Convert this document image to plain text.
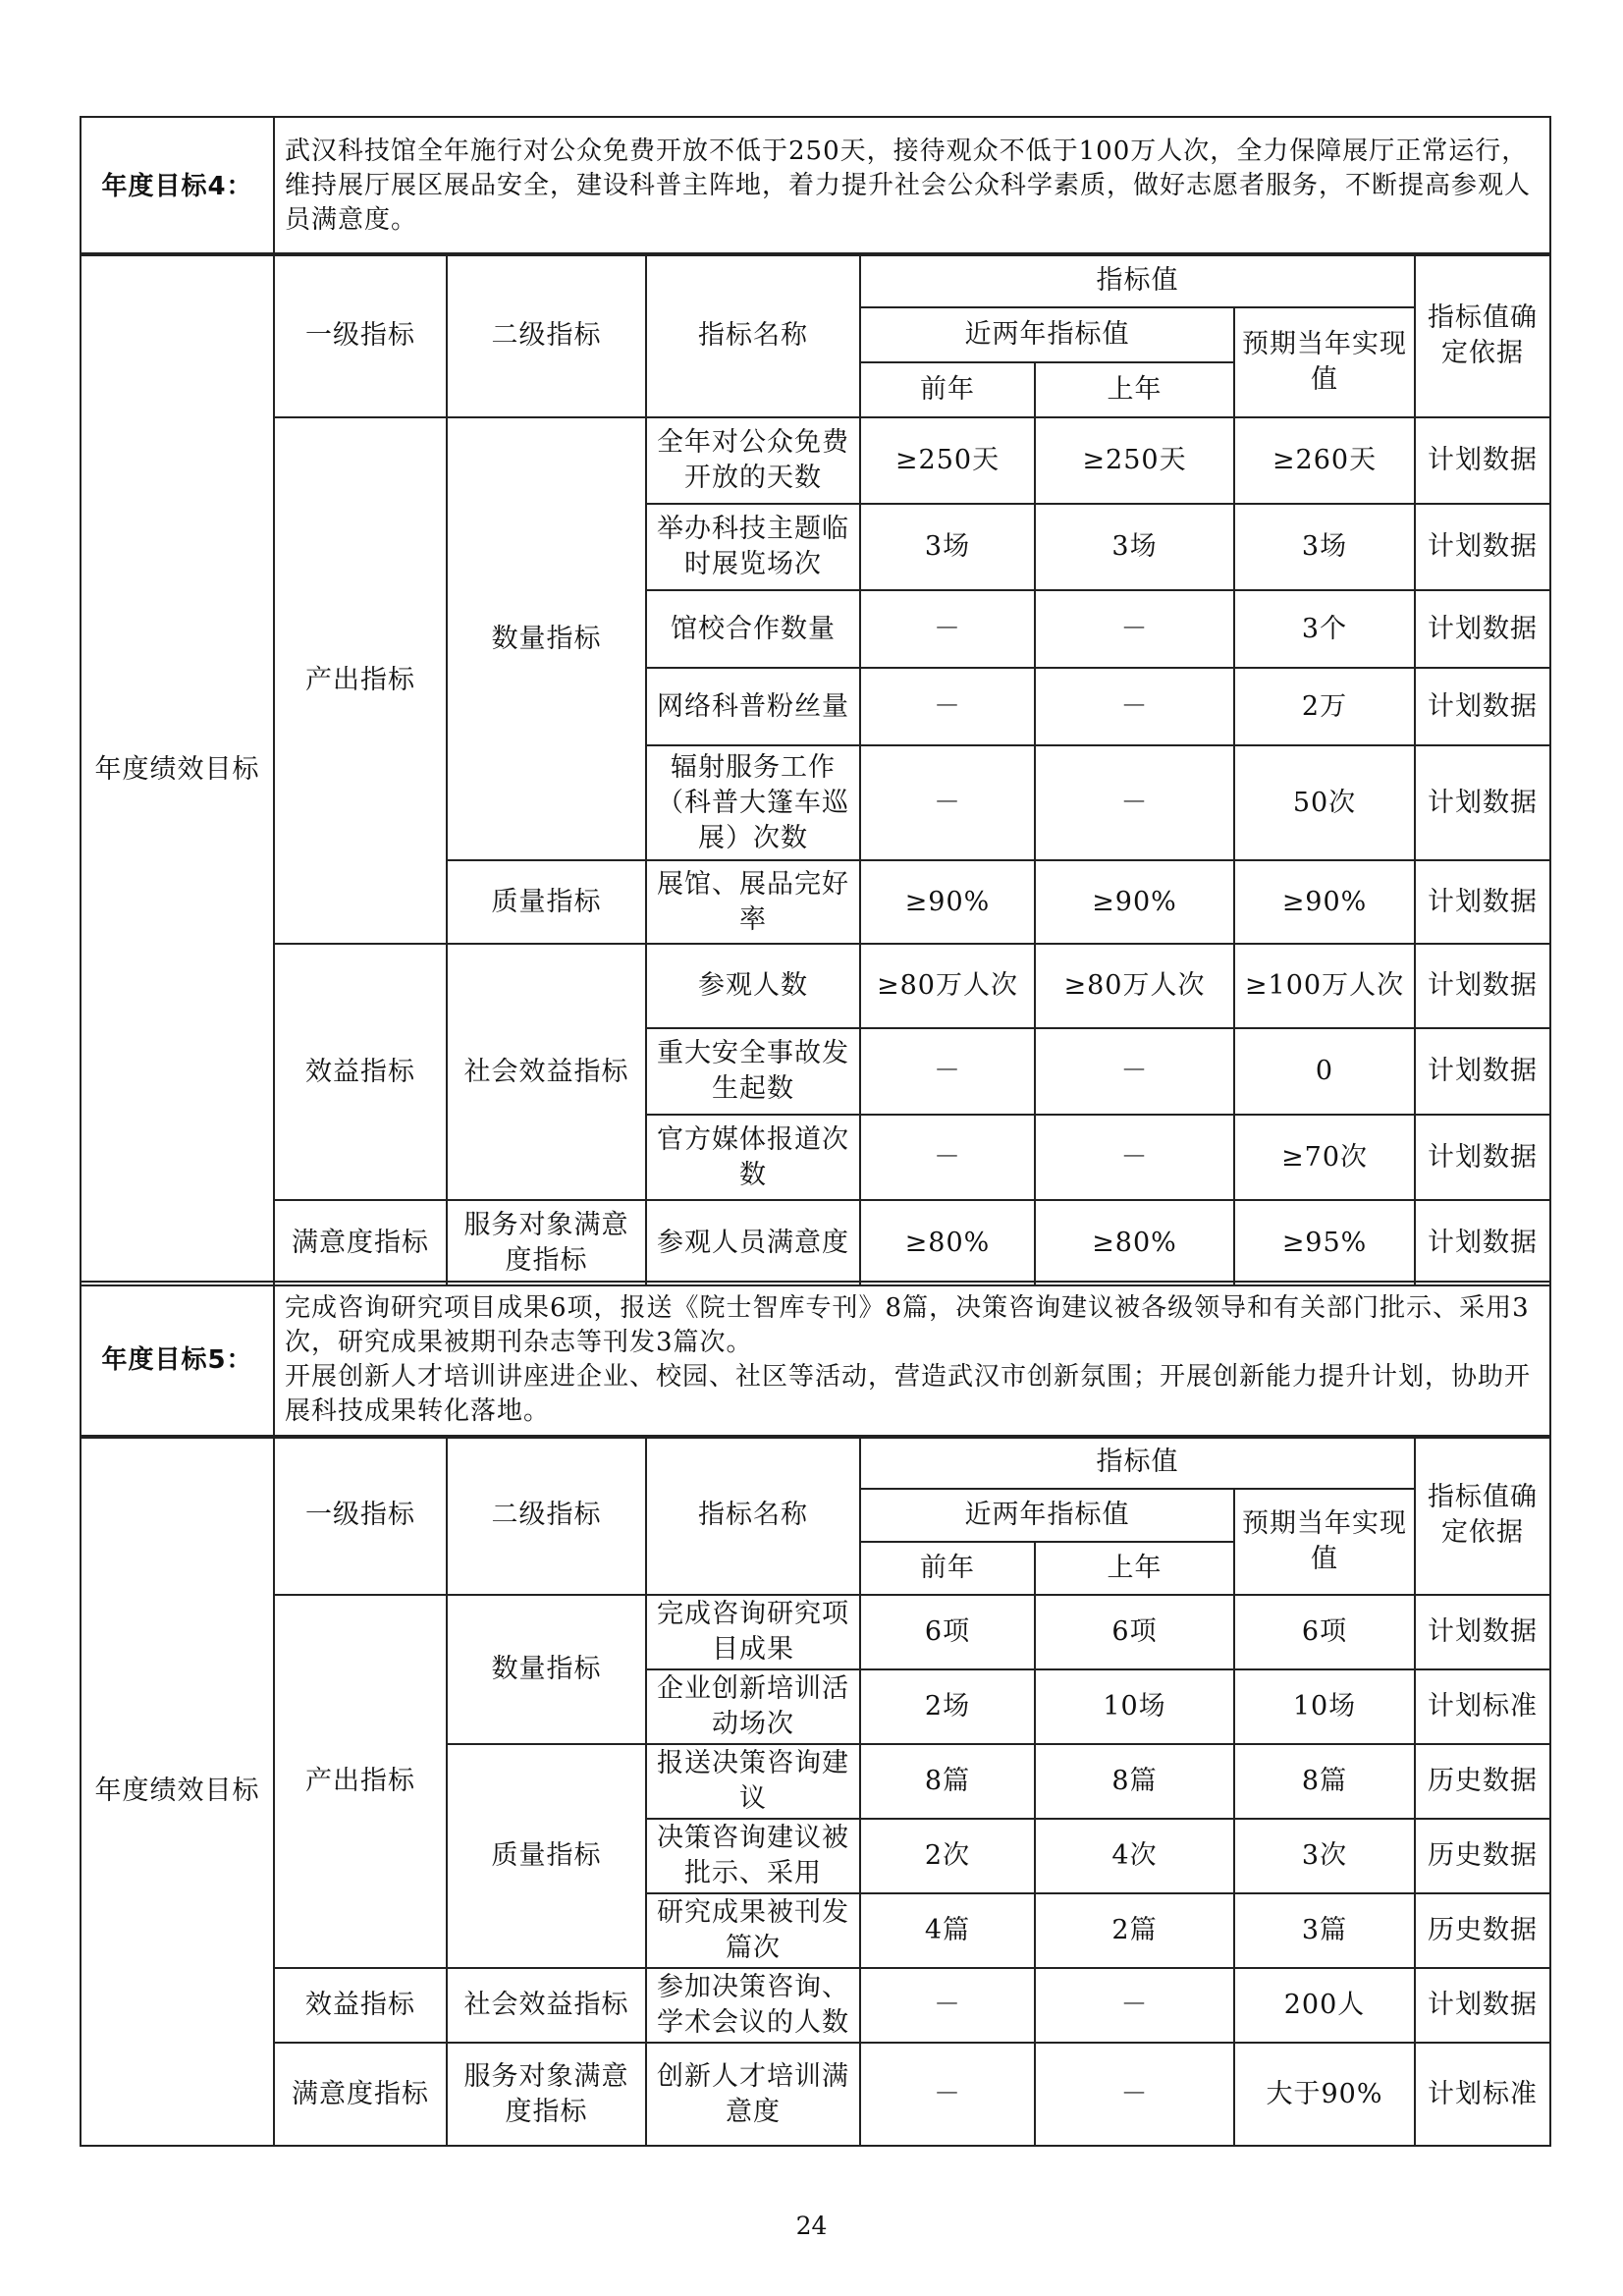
年度目标4：	武汉科技馆全年施行对公众免费开放不低于250天，接待观众不低于100万人次，全力保障展厅正常运行，维持展厅展区展品安全，建设科普主阵地，着力提升社会公众科学素质，做好志愿者服务，不断提高参观人员满意度。

年度绩效目标	一级指标	二级指标	指标名称	指标值			指标值确定依据
				近两年指标值		预期当年实现值	
				前年	上年		
	产出指标	数量指标	全年对公众免费开放的天数	≥250天	≥250天	≥260天	计划数据
			举办科技主题临时展览场次	3场	3场	3场	计划数据
			馆校合作数量	－	－	3个	计划数据
			网络科普粉丝量	－	－	2万	计划数据
			辐射服务工作（科普大篷车巡展）次数	－	－	50次	计划数据
		质量指标	展馆、展品完好率	≥90%	≥90%	≥90%	计划数据
	效益指标	社会效益指标	参观人数	≥80万人次	≥80万人次	≥100万人次	计划数据
			重大安全事故发生起数	－	－	0	计划数据
			官方媒体报道次数	－	－	≥70次	计划数据
	满意度指标	服务对象满意度指标	参观人员满意度	≥80%	≥80%	≥95%	计划数据
年度目标5：	
完成咨询研究项目成果6项，报送《院士智库专刊》8篇，决策咨询建议被各级领导和有关部门批示、采用3次，研究成果被期刊杂志等刊发3篇次。
开展创新人才培训讲座进企业、校园、社区等活动，营造武汉市创新氛围；开展创新能力提升计划，协助开展科技成果转化落地。
年度绩效目标	一级指标	二级指标	指标名称	指标值			指标值确定依据
				近两年指标值		预期当年实现值	
				前年	上年		
	产出指标	数量指标	完成咨询研究项目成果	6项	6项	6项	计划数据
			企业创新培训活动场次	2场	10场	10场	计划标准
		质量指标	报送决策咨询建议	8篇	8篇	8篇	历史数据
			决策咨询建议被批示、采用	2次	4次	3次	历史数据
			研究成果被刊发篇次	4篇	2篇	3篇	历史数据
	效益指标	社会效益指标	参加决策咨询、学术会议的人数	－	－	200人	计划数据
	满意度指标	服务对象满意度指标	创新人才培训满意度	－	－	大于90%	计划标准
24
